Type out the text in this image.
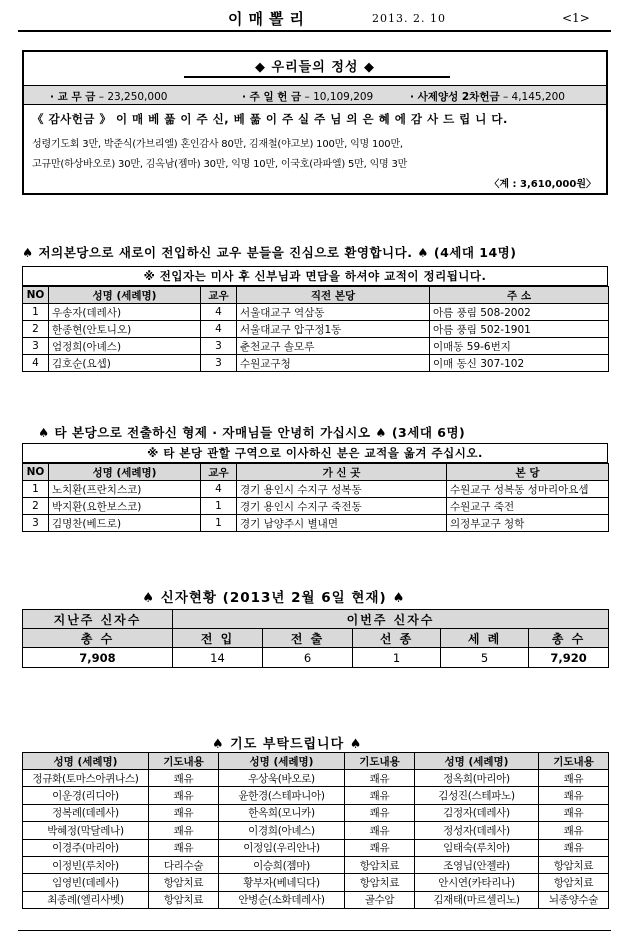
이매뽈리	2013. 2. 10	<1>
◆ 우리들의 정성 ◆
· 교 무 금 – 23,250,000	· 주 일 헌 금 – 10,109,209	· 사제양성 2차헌금 – 4,145,200
《 감사헌금 》 이 매 베 풂 이 주 신, 베 풂 이 주 실 주 님 의 은 혜 에 감 사 드 립 니 다.
성령기도회 3만, 박준식(가브리엘) 혼인감사 80만, 김재철(야고보) 100만, 익명 100만,
고규만(하상바오로) 30만, 김옥남(젬마) 30만, 익명 10만, 이국호(라파엘) 5만, 익명 3만
〈계 : 3,610,000원〉
♠ 저의본당으로 새로이 전입하신 교우 분들을 진심으로 환영합니다. ♠ (4세대 14명)
※ 전입자는 미사 후 신부님과 면담을 하셔야 교적이 정리됩니다.
NO	성명 (세례명)	교우	직전 본당	주 소
1	우송자(데레사)	4	서울대교구 역삼동	아름 풍림 508-2002
2	한종현(안토니오)	4	서울대교구 압구정1동	아름 풍림 502-1901
3	엄정희(아녜스)	3	춘천교구 솔모루	이매동 59-6번지
4	김호순(요셉)	3	수원교구청	이매 동신 307-102
♠ 타 본당으로 전출하신 형제 · 자매님들 안녕히 가십시오 ♠ (3세대 6명)
※ 타 본당 관할 구역으로 이사하신 분은 교적을 옮겨 주십시오.
NO	성명 (세례명)	교우	가 신 곳	본 당
1	노치환(프란치스코)	4	경기 용인시 수지구 성복동	수원교구 성복동 성마리아요셉
2	박지환(요한보스코)	1	경기 용인시 수지구 죽전동	수원교구 죽전
3	김명찬(베드로)	1	경기 남양주시 별내면	의정부교구 청학
♠ 신자현황 (2013년 2월 6일 현재) ♠
지난주 신자수	이번주 신자수				
총 수	전 입	전 출	선 종	세 례	총 수
7,908	14	6	1	5	7,920
♠ 기도 부탁드립니다 ♠
성명 (세례명)	기도내용	성명 (세례명)	기도내용	성명 (세례명)	기도내용
정규화(토마스아퀴나스)	쾌유	우상욱(바오로)	쾌유	정옥희(마리아)	쾌유
이운경(리디아)	쾌유	윤한경(스테파니아)	쾌유	김성진(스테파노)	쾌유
정복례(데레사)	쾌유	한옥희(모니카)	쾌유	김정자(데레사)	쾌유
박혜정(막달레나)	쾌유	이경희(아녜스)	쾌유	정성자(데레사)	쾌유
이경주(마리아)	쾌유	이정임(우리안나)	쾌유	임태숙(루치아)	쾌유
이정빈(루치아)	다리수술	이승희(젬마)	항암치료	조영님(안젤라)	항암치료
임영빈(데레사)	항암치료	황부자(베네딕다)	항암치료	안시연(카타리나)	항암치료
최종례(엘리사벳)	항암치료	안병순(소화데레사)	골수암	김재태(마르셀리노)	뇌종양수술
